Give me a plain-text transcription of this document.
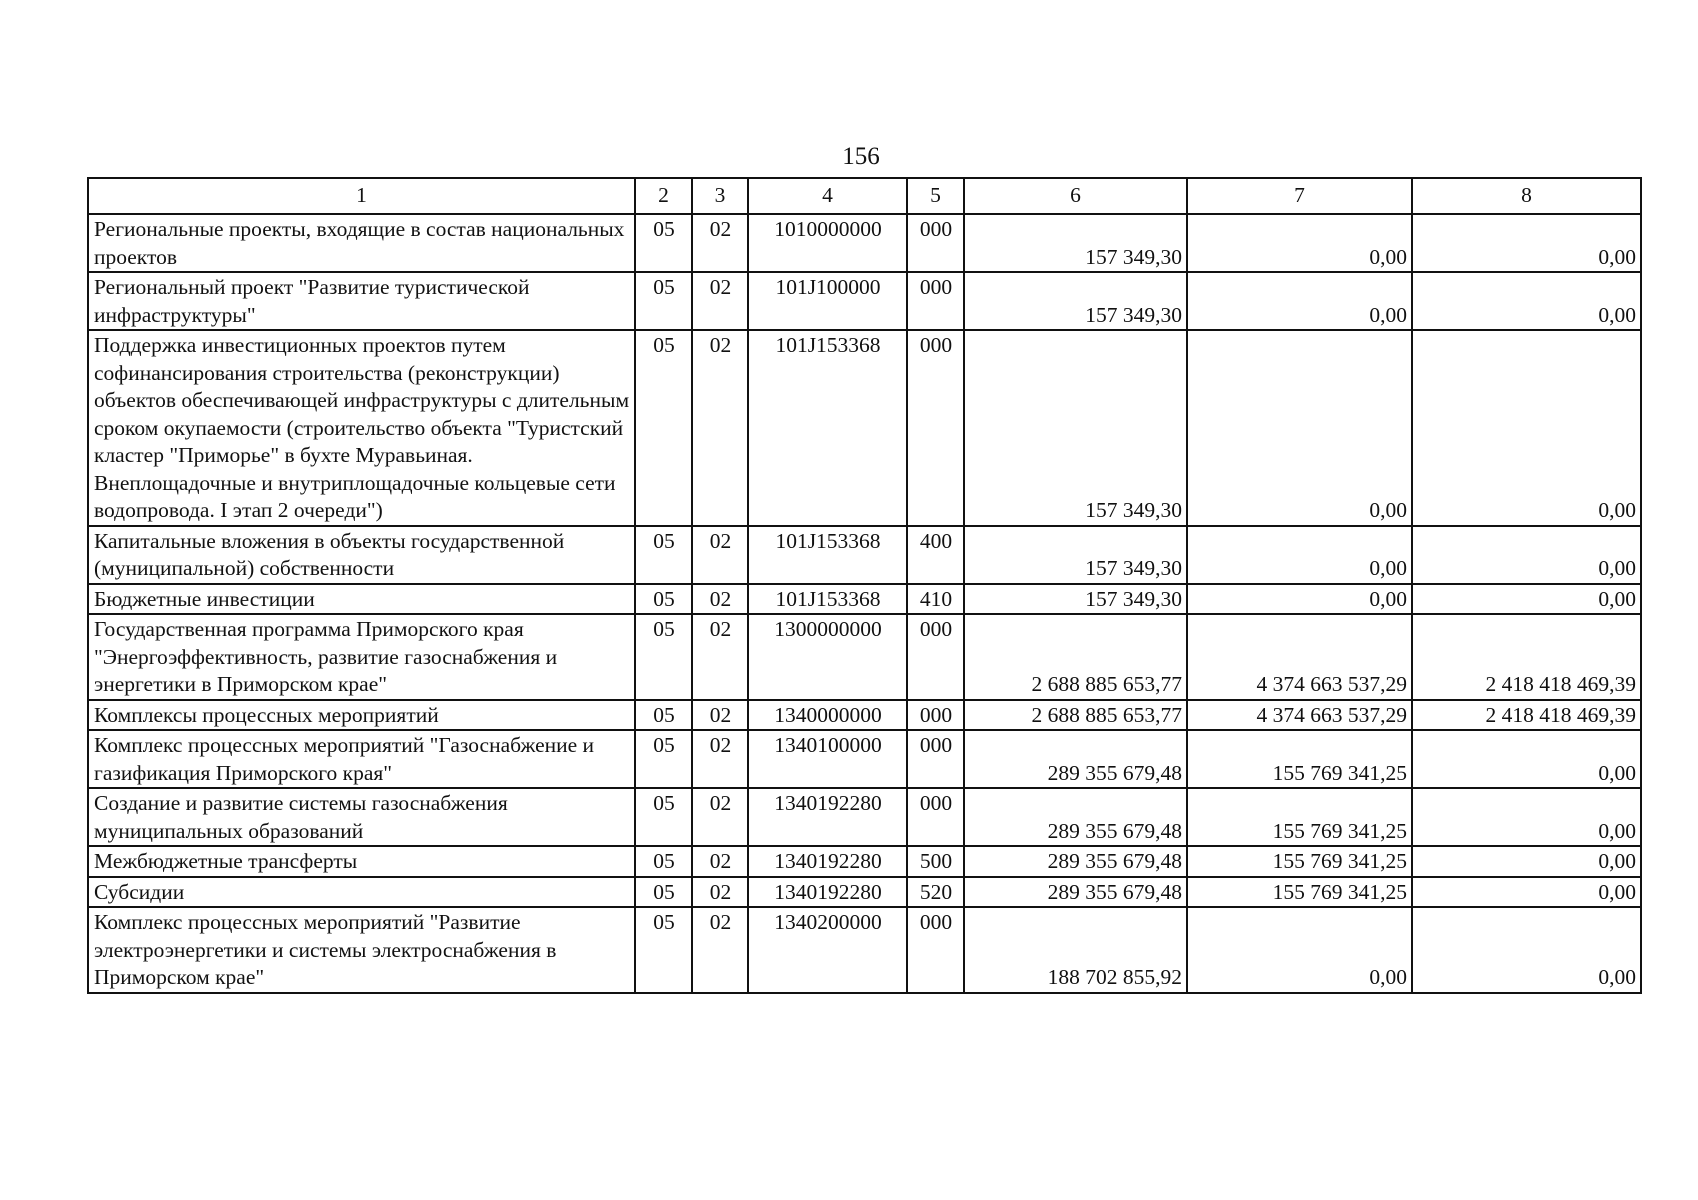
156
1	2	3	4	5	6	7	8
Региональные проекты, входящие в состав национальных проектов	05	02	1010000000	000	157 349,30	0,00	0,00
Региональный проект "Развитие туристической инфраструктуры"	05	02	101J100000	000	157 349,30	0,00	0,00
Поддержка инвестиционных проектов путем софинансирования строительства (реконструкции) объектов обеспечивающей инфраструктуры с длительным сроком окупаемости (строительство объекта "Туристский кластер "Приморье" в бухте Муравьиная. Внеплощадочные и внутриплощадочные кольцевые сети водопровода. I этап 2 очереди")	05	02	101J153368	000	157 349,30	0,00	0,00
Капитальные вложения в объекты государственной (муниципальной) собственности	05	02	101J153368	400	157 349,30	0,00	0,00
Бюджетные инвестиции	05	02	101J153368	410	157 349,30	0,00	0,00
Государственная программа Приморского края "Энергоэффективность, развитие газоснабжения и энергетики в Приморском крае"	05	02	1300000000	000	2 688 885 653,77	4 374 663 537,29	2 418 418 469,39
Комплексы процессных мероприятий	05	02	1340000000	000	2 688 885 653,77	4 374 663 537,29	2 418 418 469,39
Комплекс процессных мероприятий "Газоснабжение и газификация Приморского края"	05	02	1340100000	000	289 355 679,48	155 769 341,25	0,00
Создание и развитие системы газоснабжения муниципальных образований	05	02	1340192280	000	289 355 679,48	155 769 341,25	0,00
Межбюджетные трансферты	05	02	1340192280	500	289 355 679,48	155 769 341,25	0,00
Субсидии	05	02	1340192280	520	289 355 679,48	155 769 341,25	0,00
Комплекс процессных мероприятий "Развитие электроэнергетики и системы электроснабжения в Приморском крае"	05	02	1340200000	000	188 702 855,92	0,00	0,00
